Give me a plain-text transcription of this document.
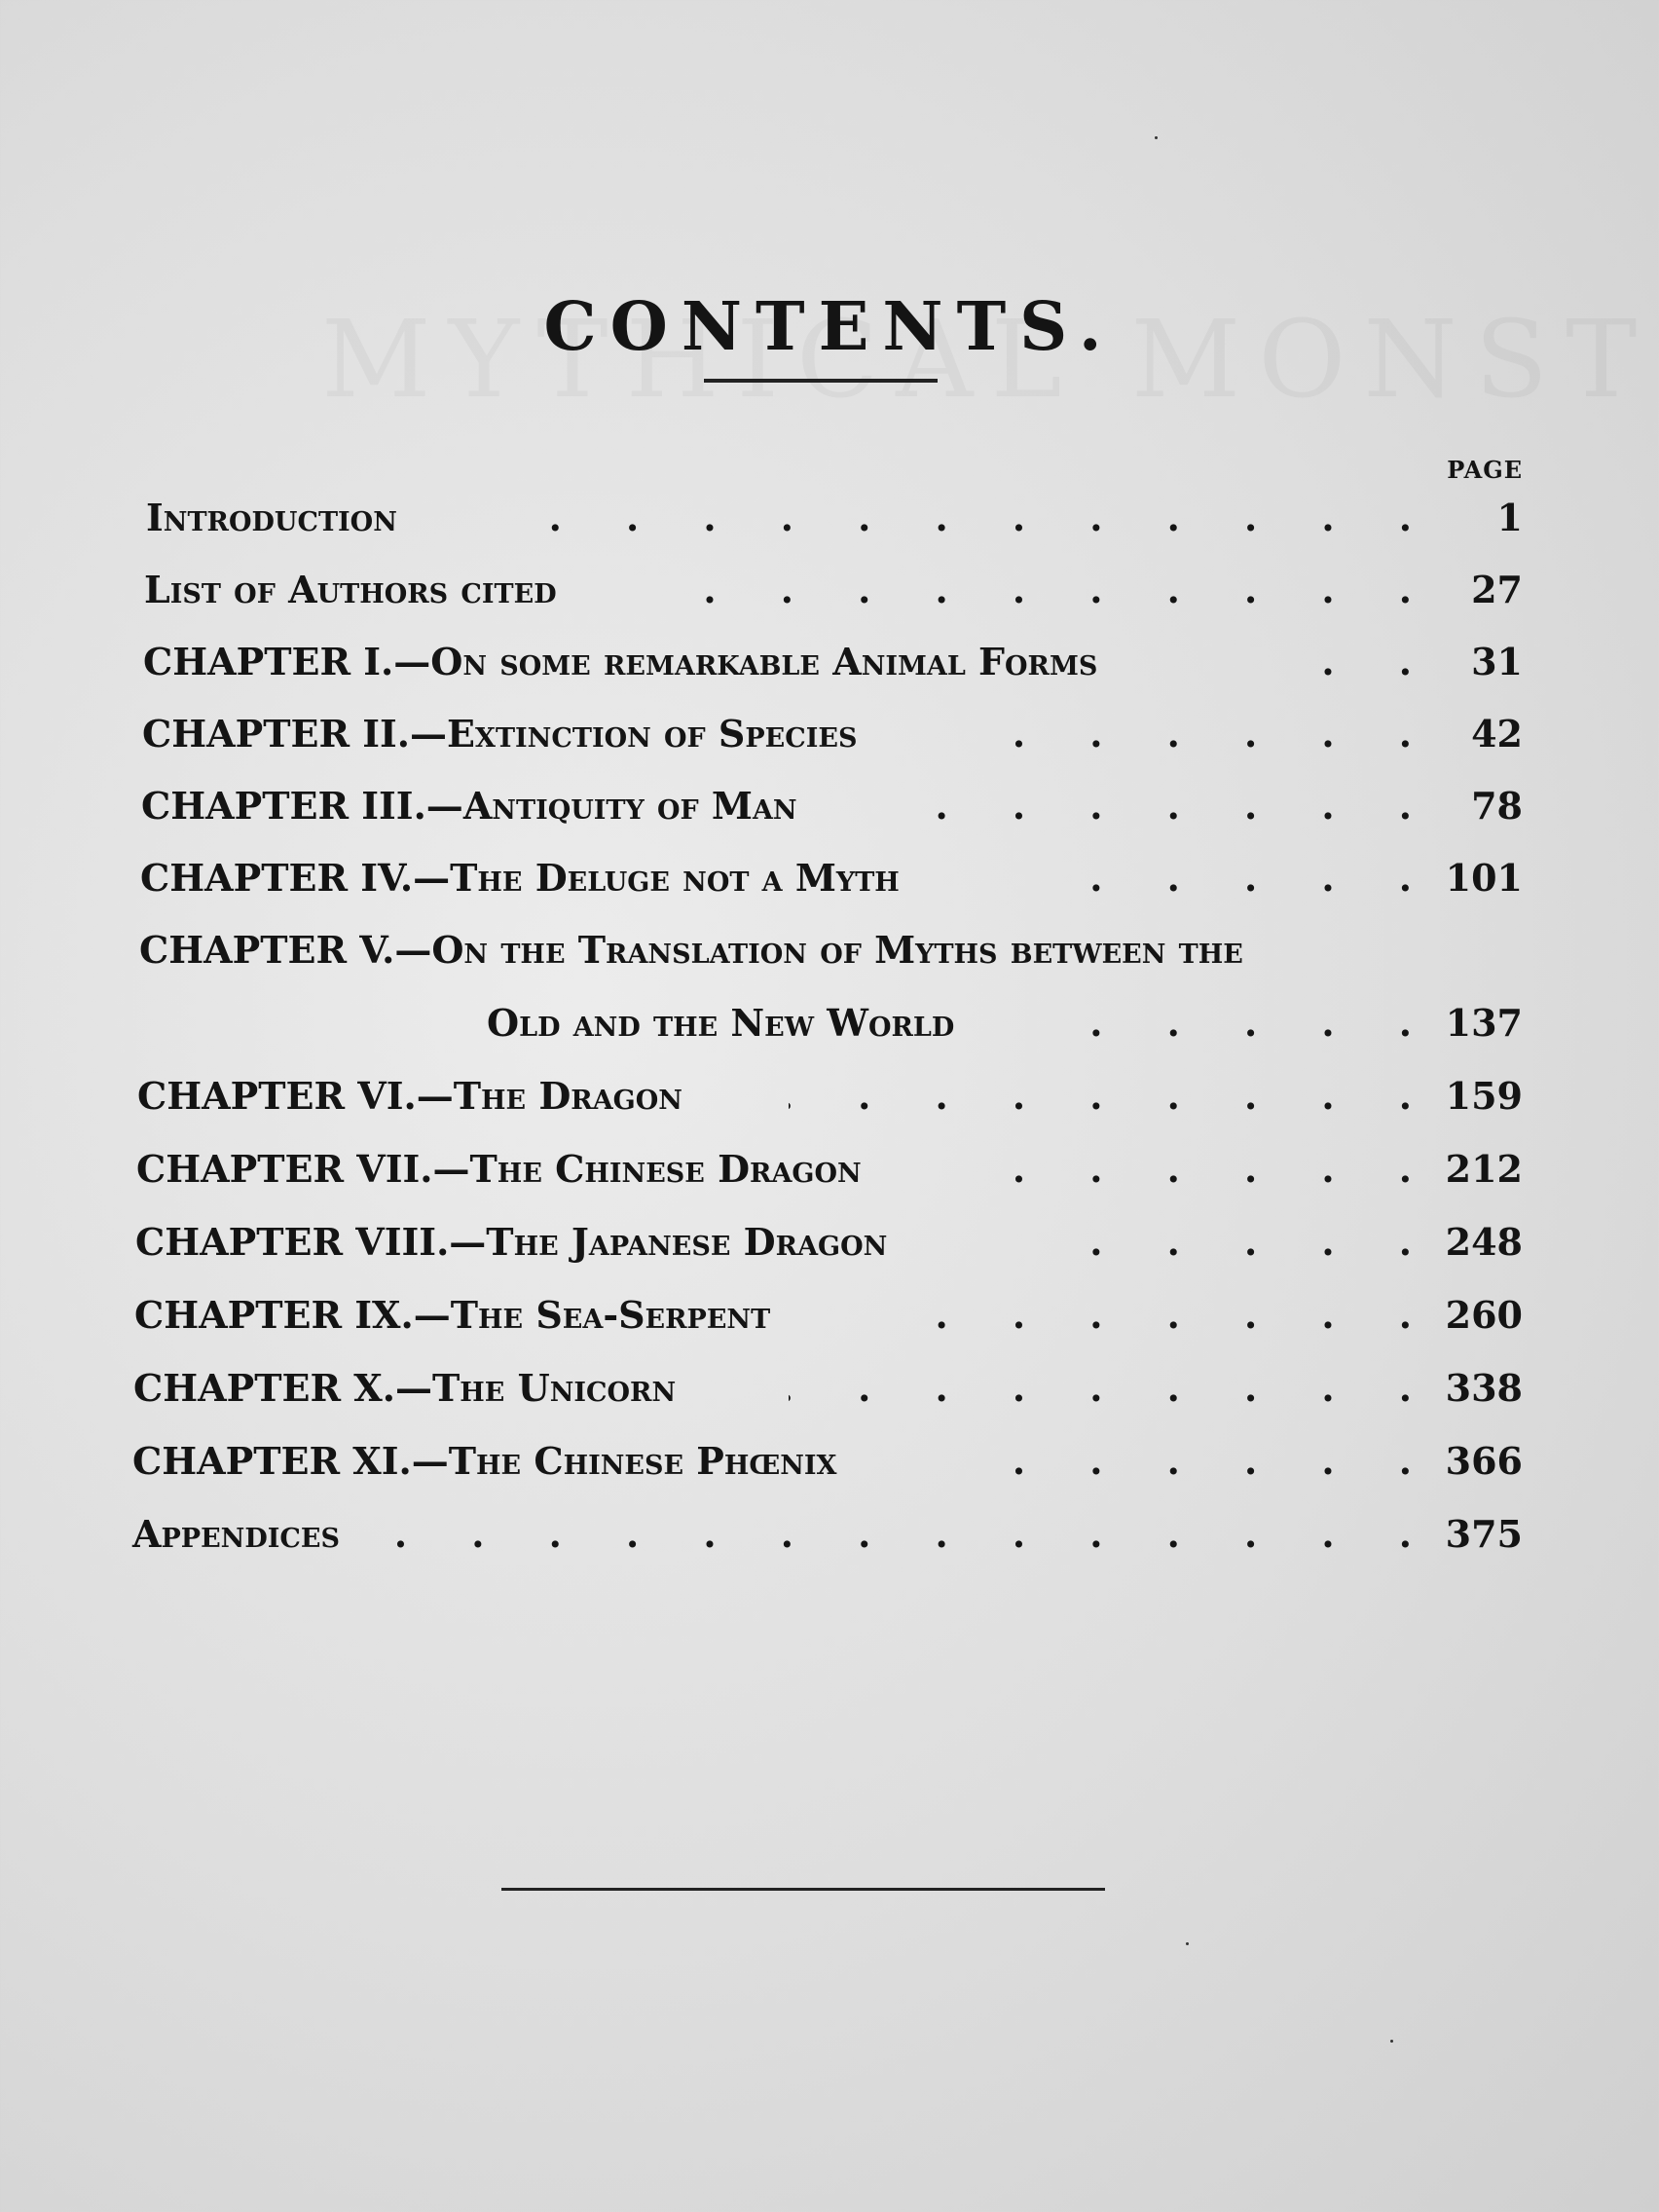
CONTENTS.
PAGE
Introduction .	1
List of Authors cited .	27
CHAPTER I.—On some remarkable Animal Forms .	31
CHAPTER II.—Extinction of Species .	42
CHAPTER III.—Antiquity of Man .	78
CHAPTER IV.—The Deluge not a Myth .	101
CHAPTER V.—On the Translation of Myths between the
Old and the New World .	137
CHAPTER VI.—The Dragon .	159
CHAPTER VII.—The Chinese Dragon .	212
CHAPTER VIII.—The Japanese Dragon .	248
CHAPTER IX.—The Sea-Serpent .	260
CHAPTER X.—The Unicorn .	338
CHAPTER XI.—The Chinese Phœnix .	366
Appendices .	375
